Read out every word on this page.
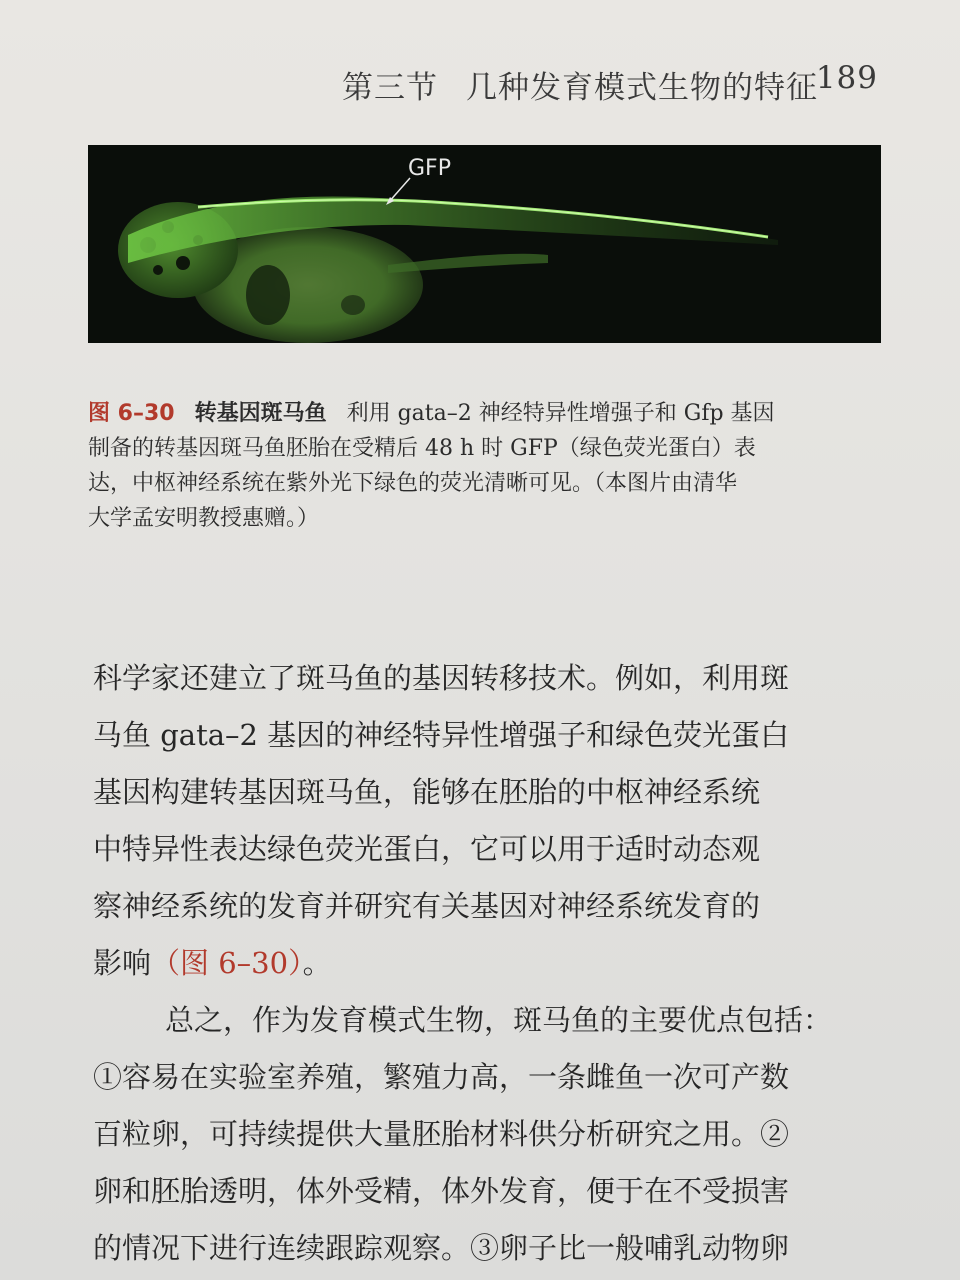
第三节 几种发育模式生物的特征
189
GFP

图 6–30 转基因斑马鱼 利用 gata–2 神经特异性增强子和 Gfp 基因

制备的转基因斑马鱼胚胎在受精后 48 h 时 GFP（绿色荧光蛋白）表

达，中枢神经系统在紫外光下绿色的荧光清晰可见。（本图片由清华

大学孟安明教授惠赠。）

科学家还建立了斑马鱼的基因转移技术。例如，利用斑

马鱼 gata–2 基因的神经特异性增强子和绿色荧光蛋白

基因构建转基因斑马鱼，能够在胚胎的中枢神经系统

中特异性表达绿色荧光蛋白，它可以用于适时动态观

察神经系统的发育并研究有关基因对神经系统发育的

影响（图 6–30）。

总之，作为发育模式生物，斑马鱼的主要优点包括：

①容易在实验室养殖，繁殖力高，一条雌鱼一次可产数

百粒卵，可持续提供大量胚胎材料供分析研究之用。②

卵和胚胎透明，体外受精，体外发育，便于在不受损害

的情况下进行连续跟踪观察。③卵子比一般哺乳动物卵
